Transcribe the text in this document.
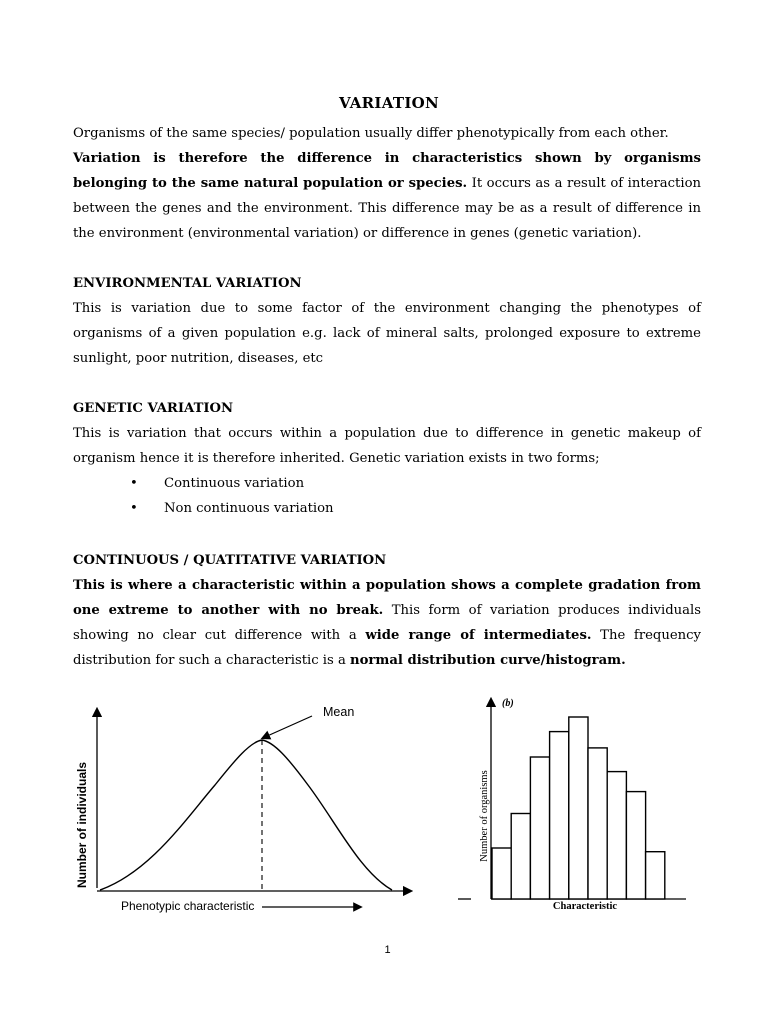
VARIATION

Organisms of the same species/ population usually differ phenotypically from each other.

Variation is therefore the difference in characteristics shown by organisms belonging to the same natural population or species. It occurs as a result of interaction between the genes and the environment. This difference may be as a result of difference in the environment (environmental variation) or difference in genes (genetic variation).

ENVIRONMENTAL VARIATION

This is variation due to some factor of the environment changing the phenotypes of organisms of a given population e.g. lack of mineral salts, prolonged exposure to extreme sunlight, poor nutrition, diseases, etc

GENETIC VARIATION

This is variation that occurs within a population due to difference in genetic makeup of organism hence it is therefore inherited. Genetic variation exists in two forms;

• Continuous variation
• Non continuous variation

CONTINUOUS / QUATITATIVE VARIATION

This is where a characteristic within a population shows a complete gradation from one extreme to another with no break. This form of variation produces individuals showing no clear cut difference with a wide range of intermediates. The frequency distribution for such a characteristic is a normal distribution curve/histogram.

Mean
Number of individuals
Phenotypic characteristic
(b)
Number of organisms
Characteristic
1
